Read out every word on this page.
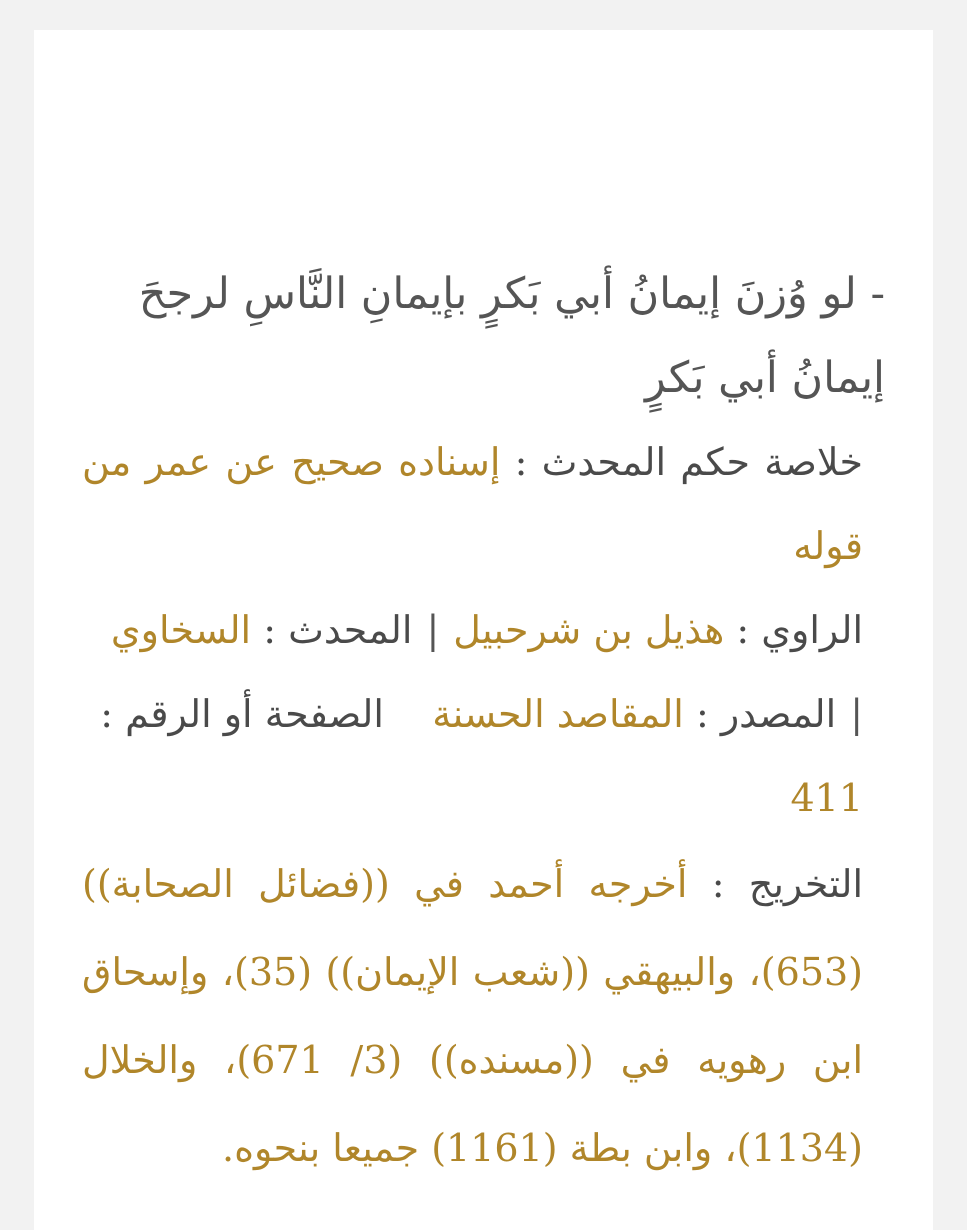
- لو وُزنَ إيمانُ أبي بَكرٍ بإيمانِ النَّاسِ لرجحَ إيمانُ أبي بَكرٍ

خلاصة حكم المحدث : إسناده صحيح عن عمر من قوله

الراوي : هذيل بن شرحبيل|المحدث : السخاوي

|المصدر : المقاصد الحسنة    الصفحة أو الرقم :
411

التخريج : أخرجه أحمد في ((فضائل الصحابة)) (653)، والبيهقي ((شعب الإيمان)) (35)، وإسحاق ابن رهويه في ((مسنده)) (3/ 671)، والخلال (1134)، وابن بطة (1161) جميعا بنحوه.
